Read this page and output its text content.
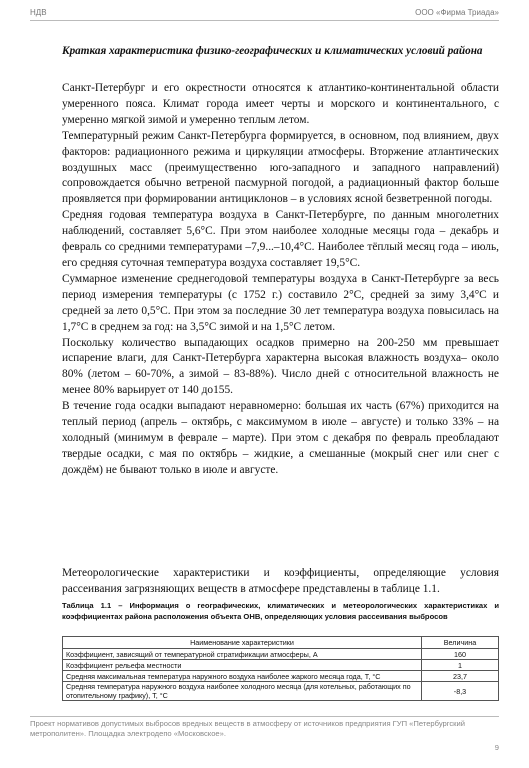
НДВ	ООО «Фирма Триада»
Краткая характеристика физико-географических и климатических условий района

Санкт-Петербург и его окрестности относятся к атлантико-континентальной области умеренного пояса. Климат города имеет черты и морского и континентального, с умеренно мягкой зимой и умеренно теплым летом.

Температурный режим Санкт-Петербурга формируется, в основном, под влиянием, двух факторов: радиационного режима и циркуляции атмосферы. Вторжение атлантических воздушных масс (преимущественно юго-западного и западного направлений) сопровождается обычно ветреной пасмурной погодой, а радиационный фактор больше проявляется при формировании антициклонов – в условиях ясной безветренной погоды.

Средняя годовая температура воздуха в Санкт-Петербурге, по данным многолетних наблюдений, составляет 5,6°С. При этом наиболее холодные месяцы года – декабрь и февраль со средними температурами –7,9...–10,4°С. Наиболее тёплый месяц года – июль, его средняя суточная температура воздуха составляет 19,5°С.

Суммарное изменение среднегодовой температуры воздуха в Санкт-Петербурге за весь период измерения температуры (с 1752 г.) составило 2°С, средней за зиму 3,4°С и средней за лето 0,5°С. При этом за последние 30 лет температура воздуха повысилась на 1,7°С в среднем за год: на 3,5°С зимой и на 1,5°С летом.

Поскольку количество выпадающих осадков примерно на 200-250 мм превышает испарение влаги, для Санкт-Петербурга характерна высокая влажность воздуха– около 80% (летом – 60-70%, а зимой – 83-88%). Число дней с относительной влажность не менее 80% варьирует от 140 до155.

В течение года осадки выпадают неравномерно: большая их часть (67%) приходится на теплый период (апрель – октябрь, с максимумом в июле – августе) и только 33% – на холодный (минимум в феврале – марте). При этом с декабря по февраль преобладают твердые осадки, с мая по октябрь – жидкие, а смешанные (мокрый снег или снег с дождём) не бывают только в июле и августе.

Метеорологические характеристики и коэффициенты, определяющие условия рассеивания загрязняющих веществ в атмосфере представлены в таблице 1.1.
Таблица 1.1 – Информация о географических, климатических и метеорологических характеристиках и коэффициентах района расположения объекта ОНВ, определяющих условия рассеивания выбросов
Наименование характеристики	Величина
Коэффициент, зависящий от температурной стратификации атмосферы, А	160
Коэффициент рельефа местности	1
Средняя максимальная температура наружного воздуха наиболее жаркого месяца года, Т, °С	23,7
Средняя температура наружного воздуха наиболее холодного месяца (для котельных, работающих по отопительному графику), Т, °С	-8,3
Проект нормативов допустимых выбросов вредных веществ в атмосферу от источников предприятия ГУП «Петербургский метрополитен». Площадка электродепо «Московское».
9
